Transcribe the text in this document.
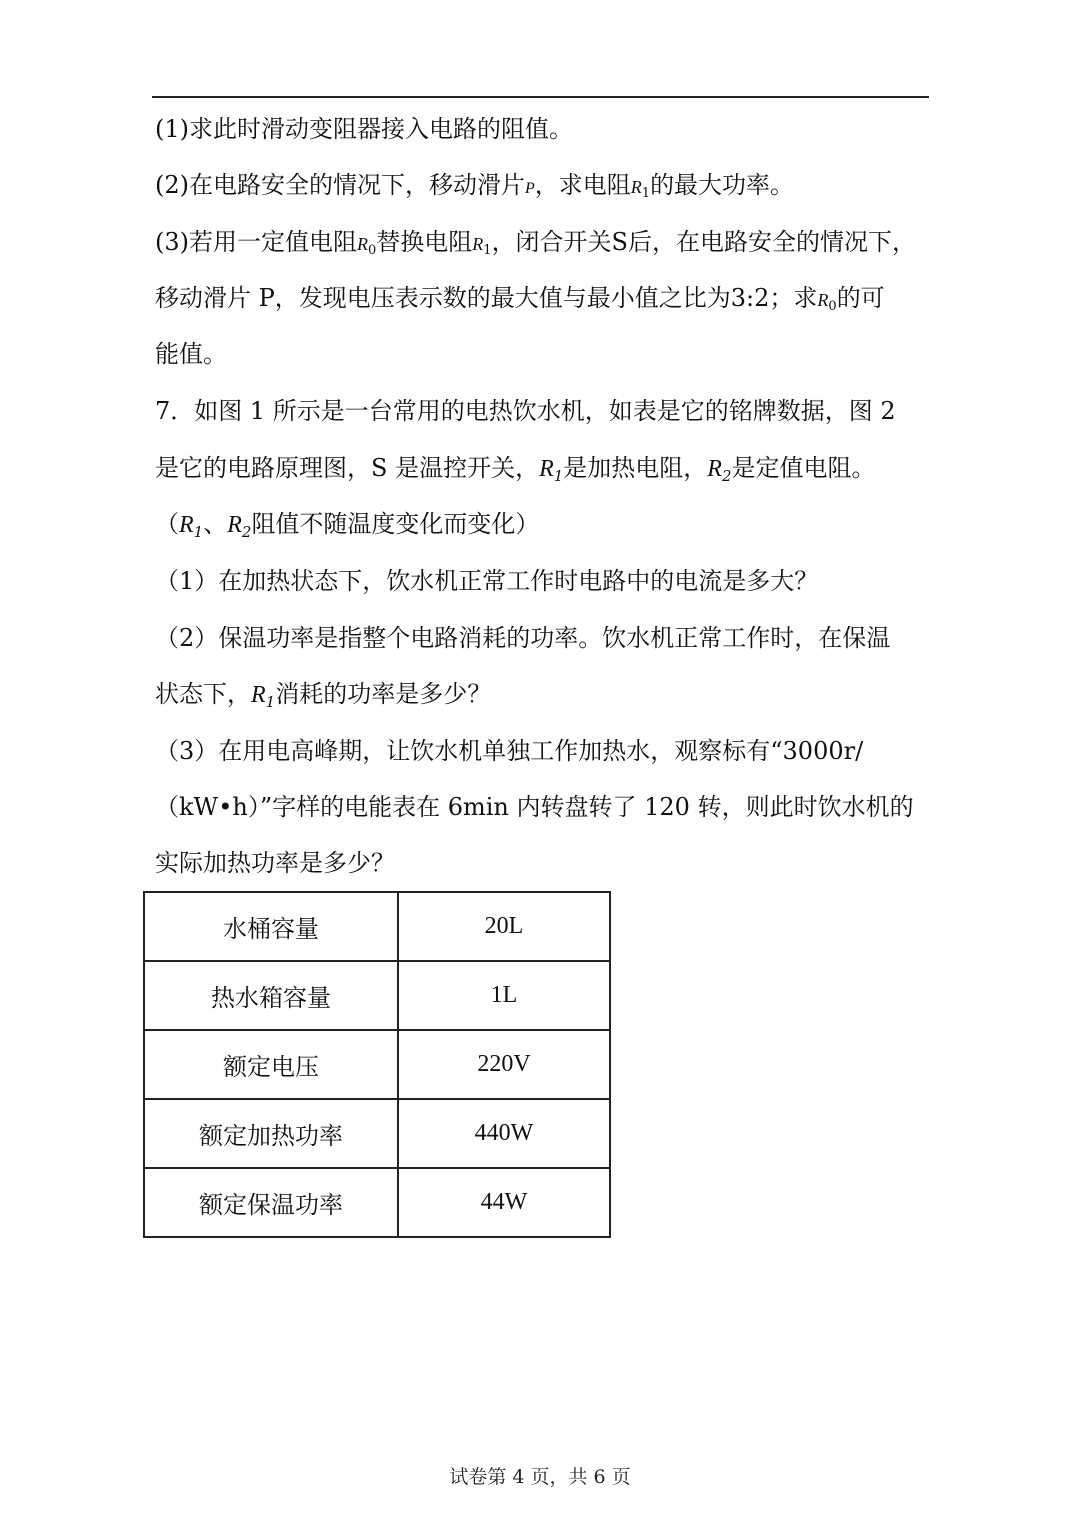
(1)求此时滑动变阻器接入电路的阻值。
(2)在电路安全的情况下，移动滑片P，求电阻R1的最大功率。
(3)若用一定值电阻R0替换电阻R1，闭合开关S后，在电路安全的情况下，
移动滑片 P，发现电压表示数的最大值与最小值之比为3:2；求R0的可
能值。
7．如图 1 所示是一台常用的电热饮水机，如表是它的铭牌数据，图 2
是它的电路原理图，S 是温控开关，$R_1$是加热电阻，$R_2$是定值电阻。
（$R_1$、$R_2$阻值不随温度变化而变化）
（1）在加热状态下，饮水机正常工作时电路中的电流是多大？
（2）保温功率是指整个电路消耗的功率。饮水机正常工作时，在保温
状态下，$R_1$消耗的功率是多少？
（3）在用电高峰期，让饮水机单独工作加热水，观察标有“3000r/
（kW•h）”字样的电能表在 6min 内转盘转了 120 转，则此时饮水机的
实际加热功率是多少？
水桶容量	20L
热水箱容量	1L
额定电压	220V
额定加热功率	440W
额定保温功率	44W
试卷第 4 页，共 6 页
